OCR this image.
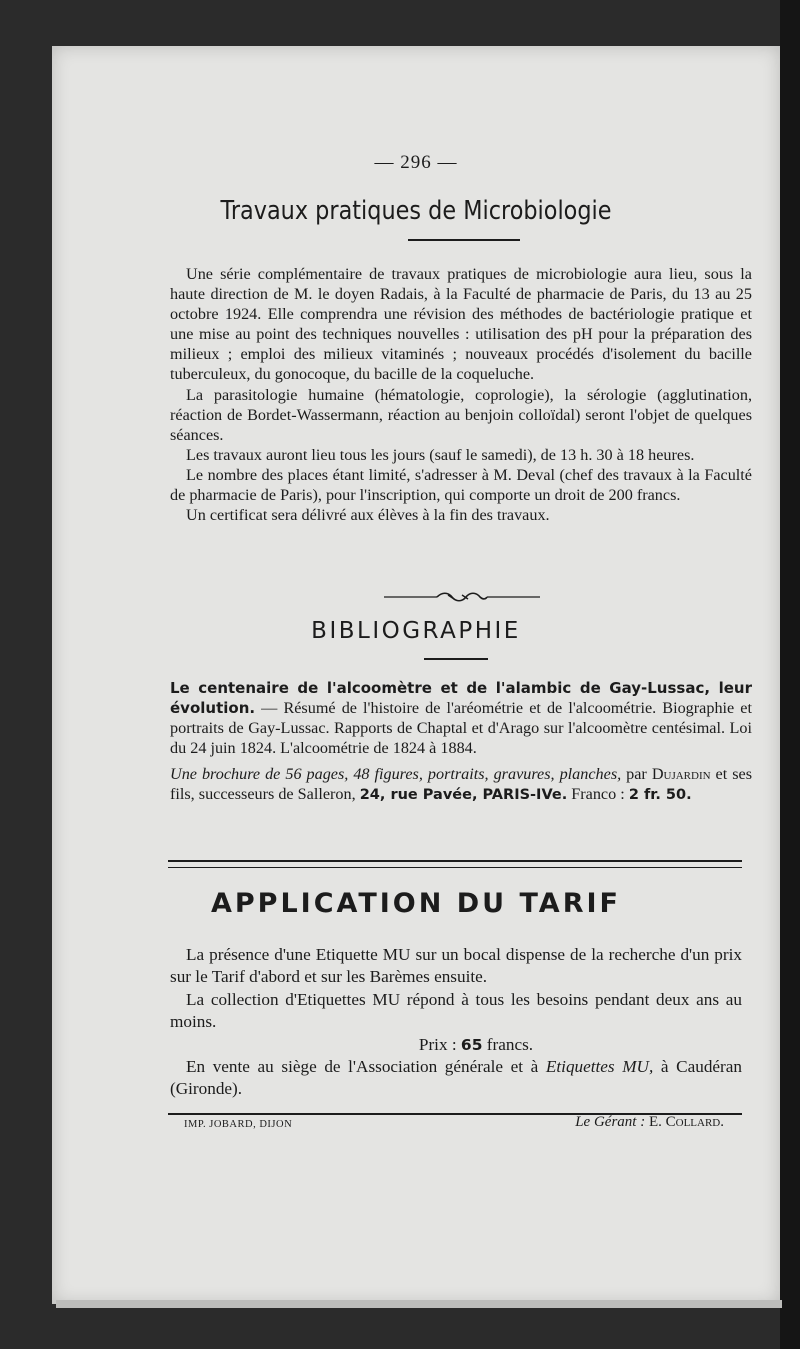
— 296 —
Travaux pratiques de Microbiologie

Une série complémentaire de travaux pratiques de microbiologie aura lieu, sous la haute direction de M. le doyen Radais, à la Faculté de pharmacie de Paris, du 13 au 25 octobre 1924. Elle comprendra une révision des méthodes de bactériologie pratique et une mise au point des techniques nouvelles : utilisation des pH pour la préparation des milieux ; emploi des milieux vitaminés ; nouveaux procédés d'isolement du bacille tuberculeux, du gonocoque, du bacille de la coqueluche.

La parasitologie humaine (hématologie, coprologie), la sérologie (agglutination, réaction de Bordet-Wassermann, réaction au benjoin colloïdal) seront l'objet de quelques séances.

Les travaux auront lieu tous les jours (sauf le samedi), de 13 h. 30 à 18 heures.

Le nombre des places étant limité, s'adresser à M. Deval (chef des travaux à la Faculté de pharmacie de Paris), pour l'inscription, qui comporte un droit de 200 francs.

Un certificat sera délivré aux élèves à la fin des travaux.

BIBLIOGRAPHIE

Le centenaire de l'alcoomètre et de l'alambic de Gay-Lussac, leur évolution. — Résumé de l'histoire de l'aréométrie et de l'alcoométrie. Biographie et portraits de Gay-Lussac. Rapports de Chaptal et d'Arago sur l'alcoomètre centésimal. Loi du 24 juin 1824. L'alcoométrie de 1824 à 1884.

Une brochure de 56 pages, 48 figures, portraits, gravures, planches, par Dujardin et ses fils, successeurs de Salleron, 24, rue Pavée, PARIS-IVe. Franco : 2 fr. 50.

APPLICATION DU TARIF

La présence d'une Etiquette MU sur un bocal dispense de la recherche d'un prix sur le Tarif d'abord et sur les Barèmes ensuite.

La collection d'Etiquettes MU répond à tous les besoins pendant deux ans au moins.

Prix : 65 francs.

En vente au siège de l'Association générale et à Etiquettes MU, à Caudéran (Gironde).

IMP. JOBARD, DIJON	Le Gérant : E. Collard.
